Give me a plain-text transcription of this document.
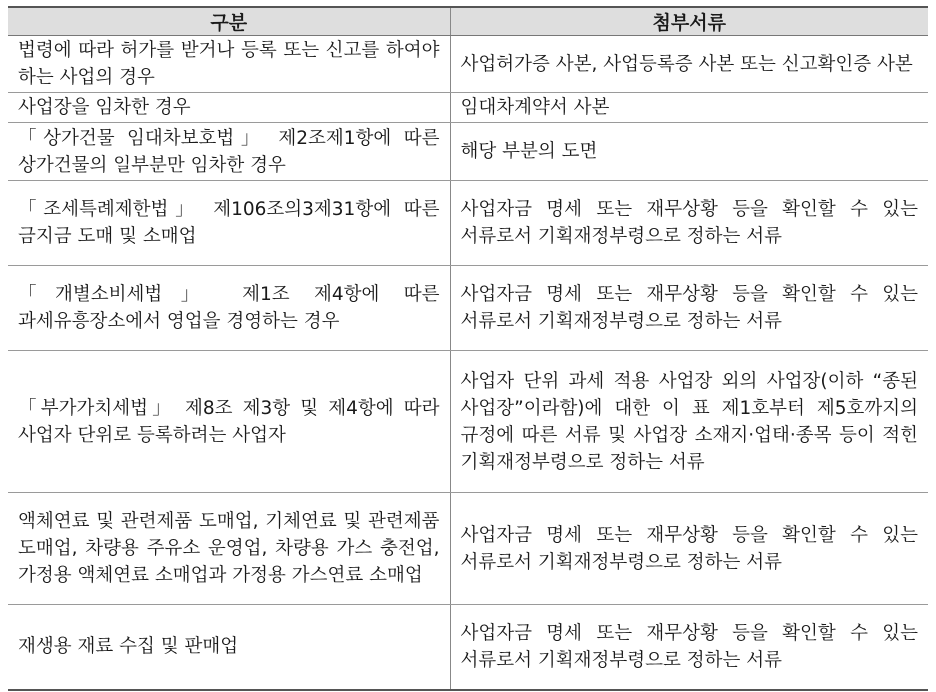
구분	첨부서류

법령에 따라 허가를 받거나 등록 또는 신고를 하여야 하는 사업의 경우	사업허가증 사본, 사업등록증 사본 또는 신고확인증 사본

사업장을 임차한 경우	임대차계약서 사본

「상가건물 임대차보호법」 제2조제1항에 따른 상가건물의 일부분만 임차한 경우	해당 부분의 도면

「조세특례제한법」 제106조의3제31항에 따른 금지금 도매 및 소매업	사업자금 명세 또는 재무상황 등을 확인할 수 있는 서류로서 기획재정부령으로 정하는 서류

「개별소비세법」 제1조 제4항에 따른 과세유흥장소에서 영업을 경영하는 경우	사업자금 명세 또는 재무상황 등을 확인할 수 있는 서류로서 기획재정부령으로 정하는 서류

「부가가치세법」 제8조 제3항 및 제4항에 따라 사업자 단위로 등록하려는 사업자	사업자 단위 과세 적용 사업장 외의 사업장(이하 “종된 사업장”이라함)에 대한 이 표 제1호부터 제5호까지의 규정에 따른 서류 및 사업장 소재지·업태·종목 등이 적힌 기획재정부령으로 정하는 서류

액체연료 및 관련제품 도매업, 기체연료 및 관련제품 도매업, 차량용 주유소 운영업, 차량용 가스 충전업, 가정용 액체연료 소매업과 가정용 가스연료 소매업	사업자금 명세 또는 재무상황 등을 확인할 수 있는 서류로서 기획재정부령으로 정하는 서류

재생용 재료 수집 및 판매업	사업자금 명세 또는 재무상황 등을 확인할 수 있는 서류로서 기획재정부령으로 정하는 서류
